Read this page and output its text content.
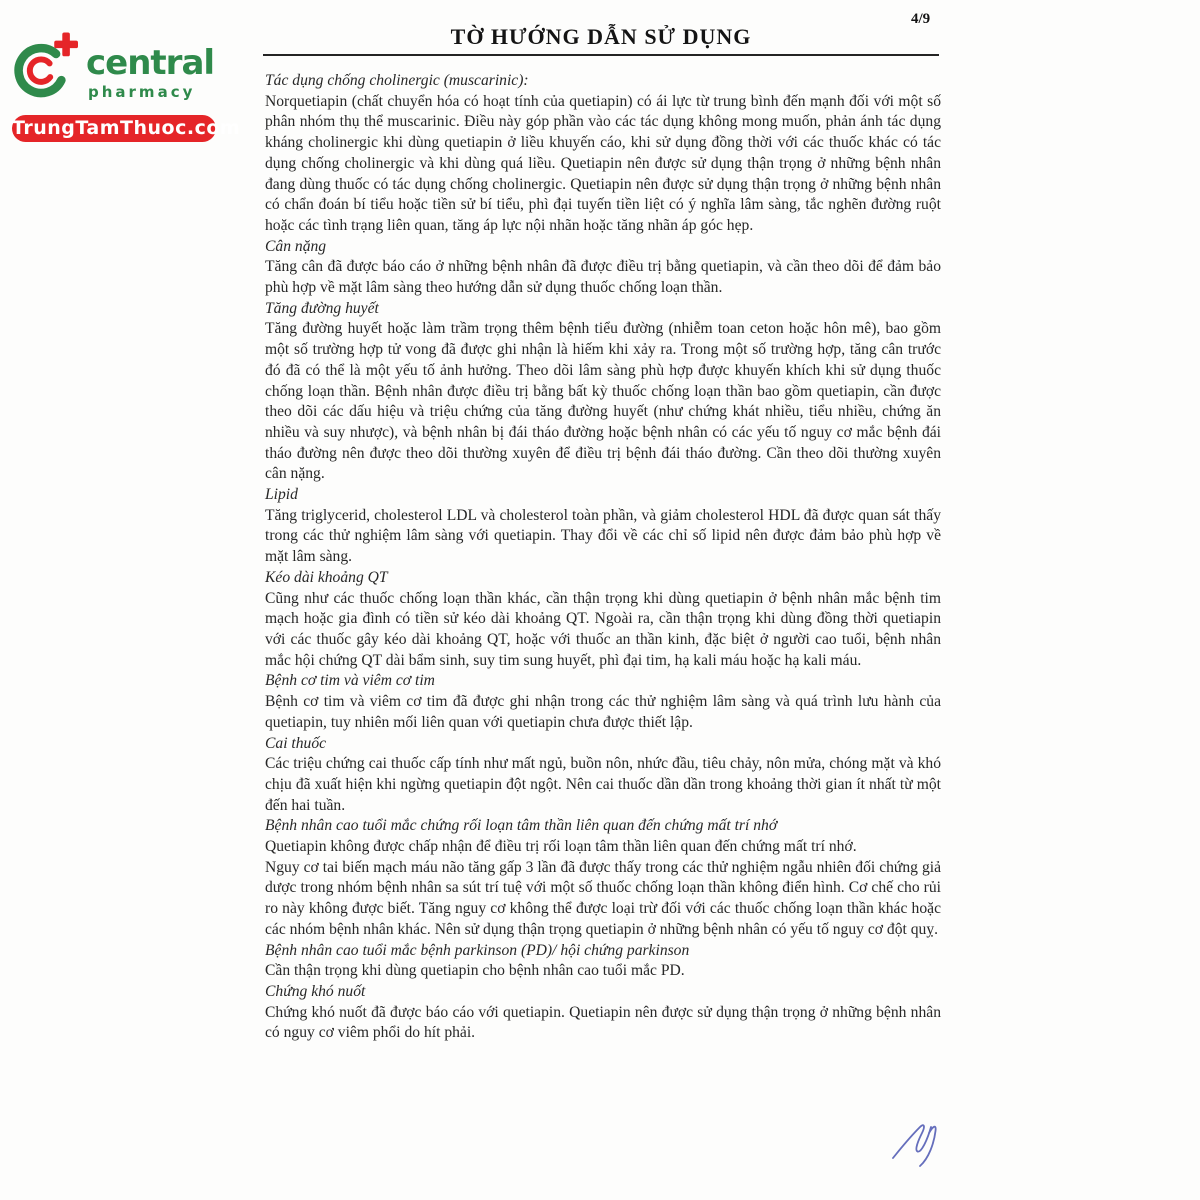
central
pharmacy
TrungTamThuoc.com
4/9
TỜ HƯỚNG DẪN SỬ DỤNG
Tác dụng chống cholinergic (muscarinic):

Norquetiapin (chất chuyển hóa có hoạt tính của quetiapin) có ái lực từ trung bình đến mạnh đối với một số phân nhóm thụ thể muscarinic. Điều này góp phần vào các tác dụng không mong muốn, phản ánh tác dụng kháng cholinergic khi dùng quetiapin ở liều khuyến cáo, khi sử dụng đồng thời với các thuốc khác có tác dụng chống cholinergic và khi dùng quá liều. Quetiapin nên được sử dụng thận trọng ở những bệnh nhân đang dùng thuốc có tác dụng chống cholinergic. Quetiapin nên được sử dụng thận trọng ở những bệnh nhân có chẩn đoán bí tiểu hoặc tiền sử bí tiểu, phì đại tuyến tiền liệt có ý nghĩa lâm sàng, tắc nghẽn đường ruột hoặc các tình trạng liên quan, tăng áp lực nội nhãn hoặc tăng nhãn áp góc hẹp.

Cân nặng

Tăng cân đã được báo cáo ở những bệnh nhân đã được điều trị bằng quetiapin, và cần theo dõi để đảm bảo phù hợp về mặt lâm sàng theo hướng dẫn sử dụng thuốc chống loạn thần.

Tăng đường huyết

Tăng đường huyết hoặc làm trầm trọng thêm bệnh tiểu đường (nhiễm toan ceton hoặc hôn mê), bao gồm một số trường hợp tử vong đã được ghi nhận là hiếm khi xảy ra. Trong một số trường hợp, tăng cân trước đó đã có thể là một yếu tố ảnh hưởng. Theo dõi lâm sàng phù hợp được khuyến khích khi sử dụng thuốc chống loạn thần. Bệnh nhân được điều trị bằng bất kỳ thuốc chống loạn thần bao gồm quetiapin, cần được theo dõi các dấu hiệu và triệu chứng của tăng đường huyết (như chứng khát nhiều, tiểu nhiều, chứng ăn nhiều và suy nhược), và bệnh nhân bị đái tháo đường hoặc bệnh nhân có các yếu tố nguy cơ mắc bệnh đái tháo đường nên được theo dõi thường xuyên để điều trị bệnh đái tháo đường. Cần theo dõi thường xuyên cân nặng.

Lipid

Tăng triglycerid, cholesterol LDL và cholesterol toàn phần, và giảm cholesterol HDL đã được quan sát thấy trong các thử nghiệm lâm sàng với quetiapin. Thay đổi về các chỉ số lipid nên được đảm bảo phù hợp về mặt lâm sàng.

Kéo dài khoảng QT

Cũng như các thuốc chống loạn thần khác, cần thận trọng khi dùng quetiapin ở bệnh nhân mắc bệnh tim mạch hoặc gia đình có tiền sử kéo dài khoảng QT. Ngoài ra, cần thận trọng khi dùng đồng thời quetiapin với các thuốc gây kéo dài khoảng QT, hoặc với thuốc an thần kinh, đặc biệt ở người cao tuổi, bệnh nhân mắc hội chứng QT dài bẩm sinh, suy tim sung huyết, phì đại tim, hạ kali máu hoặc hạ kali máu.

Bệnh cơ tim và viêm cơ tim

Bệnh cơ tim và viêm cơ tim đã được ghi nhận trong các thử nghiệm lâm sàng và quá trình lưu hành của quetiapin, tuy nhiên mối liên quan với quetiapin chưa được thiết lập.

Cai thuốc

Các triệu chứng cai thuốc cấp tính như mất ngủ, buồn nôn, nhức đầu, tiêu chảy, nôn mửa, chóng mặt và khó chịu đã xuất hiện khi ngừng quetiapin đột ngột. Nên cai thuốc dần dần trong khoảng thời gian ít nhất từ một đến hai tuần.

Bệnh nhân cao tuổi mắc chứng rối loạn tâm thần liên quan đến chứng mất trí nhớ

Quetiapin không được chấp nhận để điều trị rối loạn tâm thần liên quan đến chứng mất trí nhớ.

Nguy cơ tai biến mạch máu não tăng gấp 3 lần đã được thấy trong các thử nghiệm ngẫu nhiên đối chứng giả dược trong nhóm bệnh nhân sa sút trí tuệ với một số thuốc chống loạn thần không điển hình. Cơ chế cho rủi ro này không được biết. Tăng nguy cơ không thể được loại trừ đối với các thuốc chống loạn thần khác hoặc các nhóm bệnh nhân khác. Nên sử dụng thận trọng quetiapin ở những bệnh nhân có yếu tố nguy cơ đột quỵ.

Bệnh nhân cao tuổi mắc bệnh parkinson (PD)/ hội chứng parkinson

Cần thận trọng khi dùng quetiapin cho bệnh nhân cao tuổi mắc PD.

Chứng khó nuốt

Chứng khó nuốt đã được báo cáo với quetiapin. Quetiapin nên được sử dụng thận trọng ở những bệnh nhân có nguy cơ viêm phổi do hít phải.
